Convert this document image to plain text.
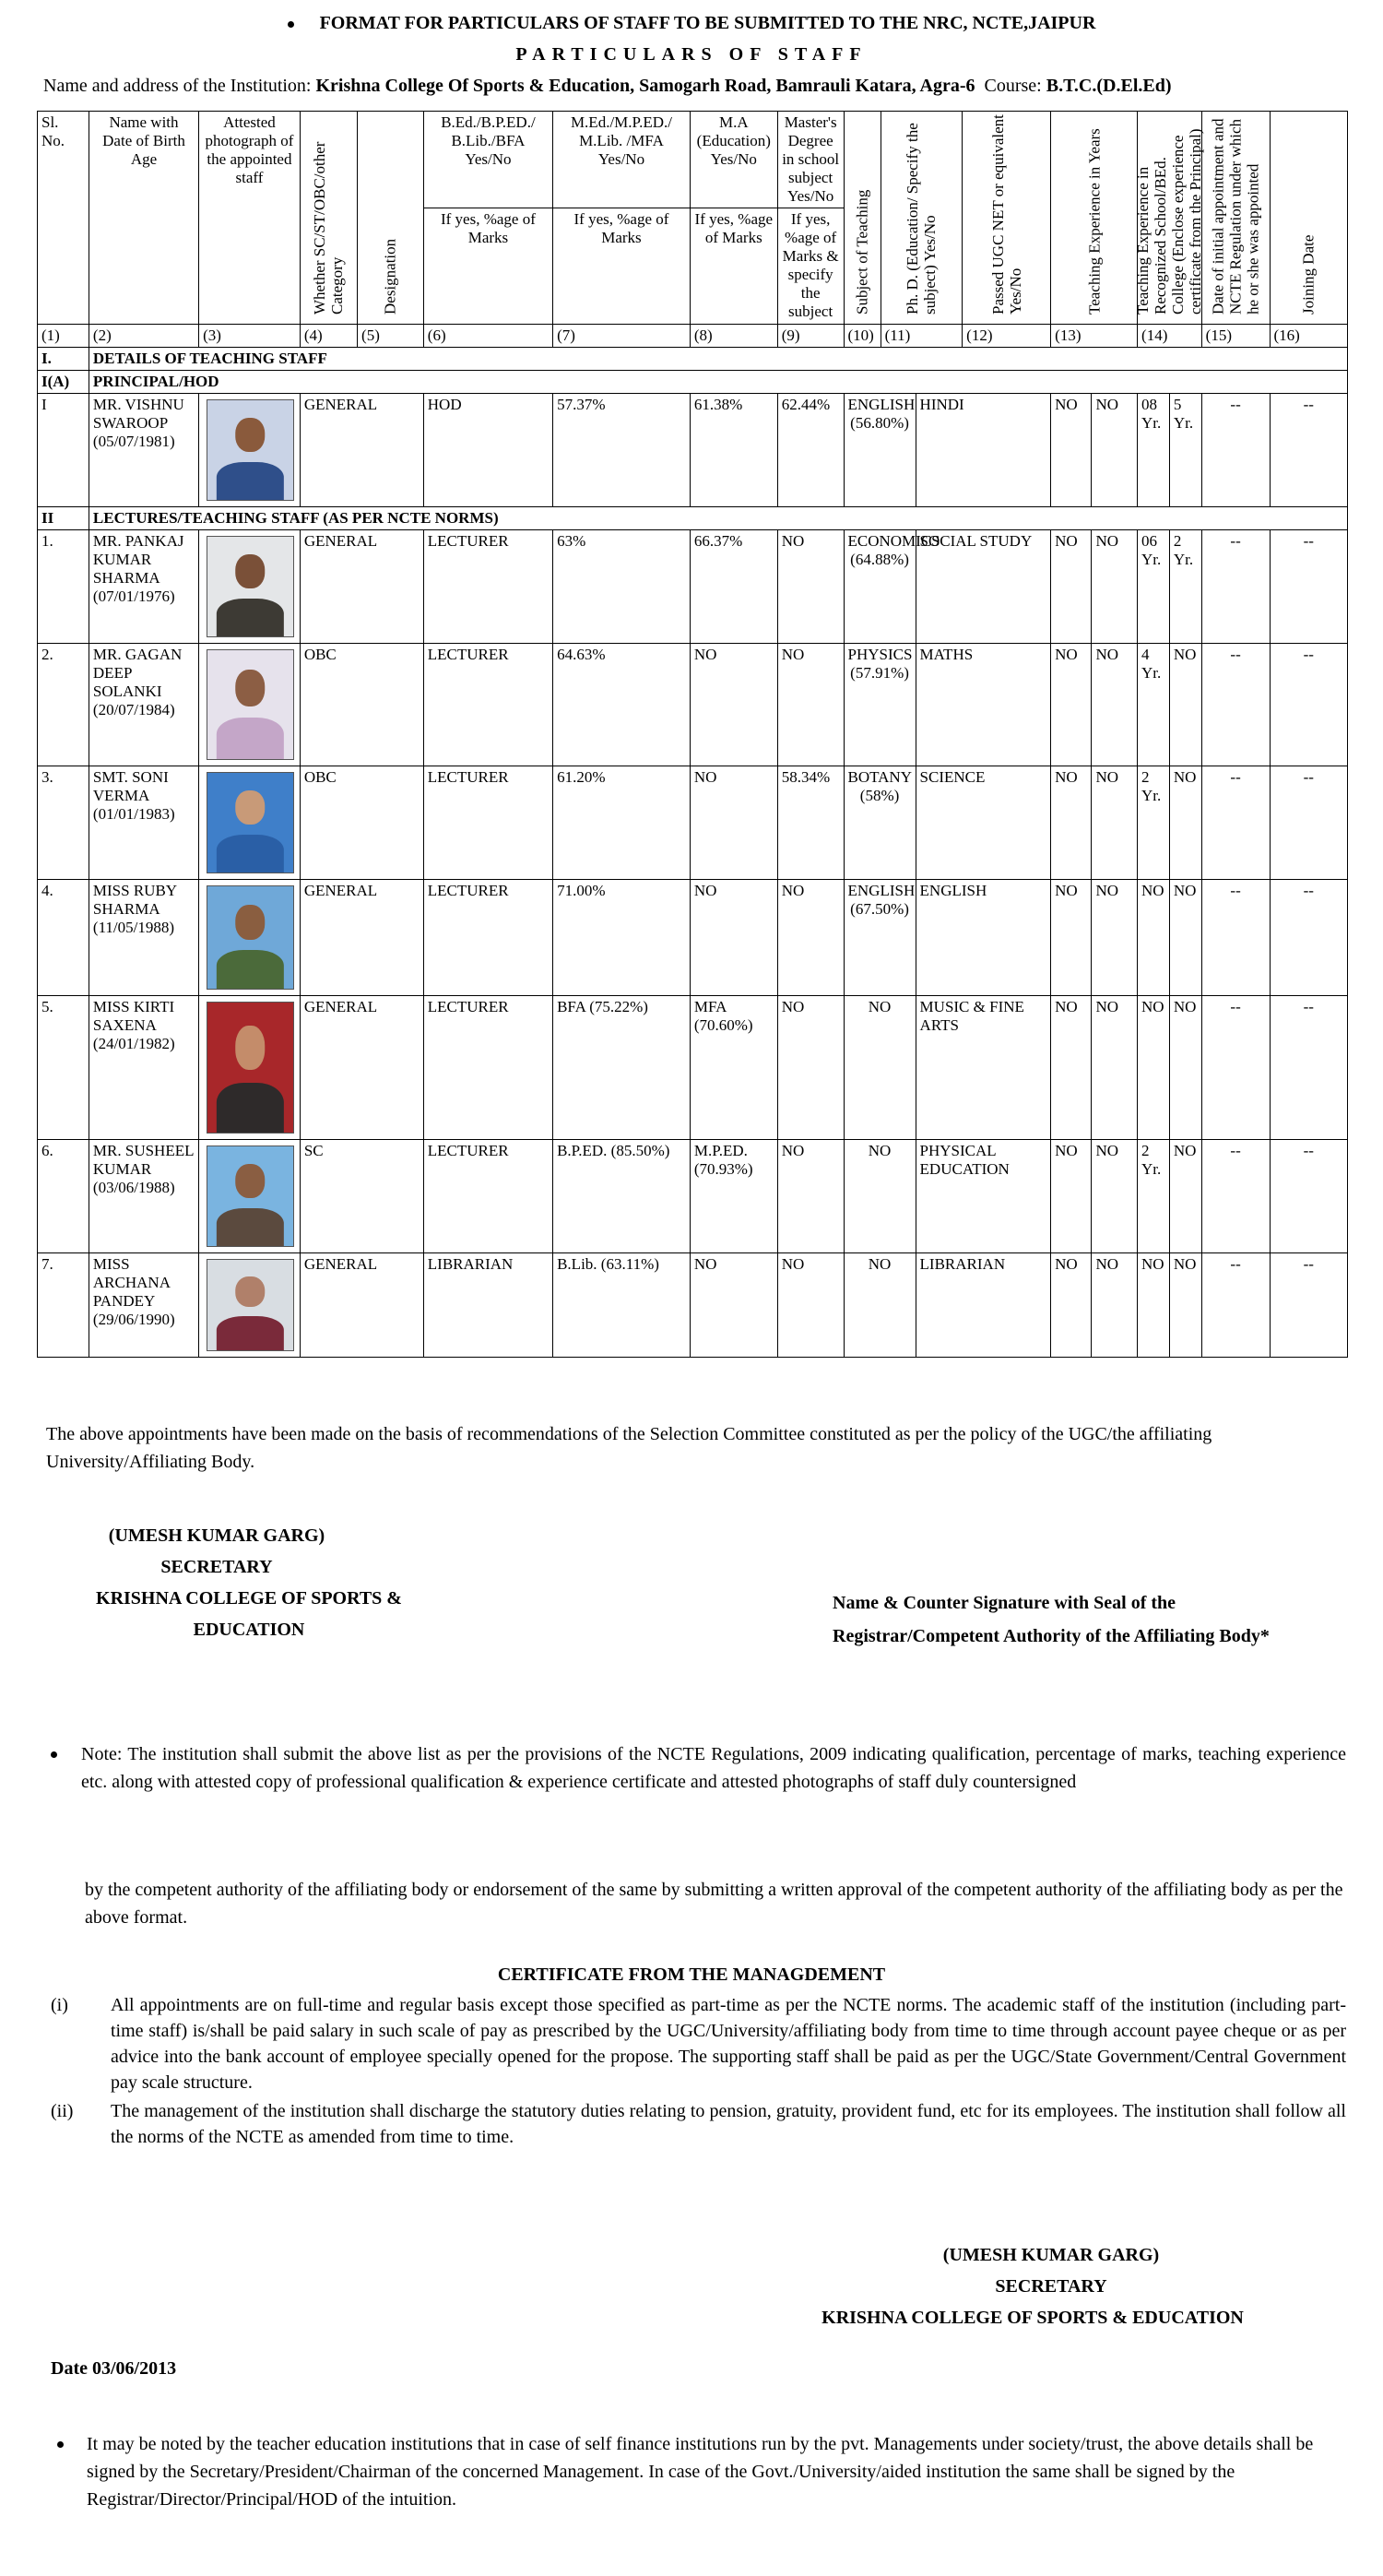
FORMAT FOR PARTICULARS OF STAFF TO BE SUBMITTED TO THE NRC, NCTE,JAIPUR
PARTICULARS OF STAFF
Name and address of the Institution: Krishna College Of Sports & Education, Samogarh Road, Bamrauli Katara, Agra-6 Course: B.T.C.(D.El.Ed)
Sl. No.	Name with Date of Birth Age	Attested photograph of the appointed staff	Whether SC/ST/OBC/other Category	Designation	B.Ed./B.P.ED./ B.Lib./BFA Yes/No	M.Ed./M.P.ED./ M.Lib. /MFA Yes/No	M.A (Education) Yes/No	Master's Degree in school subject Yes/No	Subject of Teaching	Ph. D. (Education/ Specify the subject) Yes/No		Passed UGC NET or equivalent Yes/No	Teaching Experience in Years		Teaching Experience in Recognized School/BEd. College (Enclose experience certificate from the Principal)		Date of initial appointment and NCTE Regulation under which he or she was appointed	Joining Date

					If yes, %age of Marks	If yes, %age of Marks	If yes, %age of Marks	If yes, %age of Marks & specify the subject										
(1)	(2)	(3)	(4)	(5)	(6)	(7)	(8)	(9)	(10)	(11)		(12)	(13)		(14)		(15)	(16)
I.	DETAILS OF TEACHING STAFF																	
I(A)	PRINCIPAL/HOD																	
I	MR. VISHNU SWAROOP (05/07/1981)		GENERAL		HOD	57.37%	61.38%	62.44%	ENGLISH (56.80%)		HINDI		NO	NO	08 Yr.	5 Yr.	--	--
II	LECTURES/TEACHING STAFF (AS PER NCTE NORMS)																	
1.	MR. PANKAJ KUMAR SHARMA (07/01/1976)		GENERAL		LECTURER	63%	66.37%	NO	ECONOMICS (64.88%)		SOCIAL STUDY		NO	NO	06 Yr.	2 Yr.	--	--
2.	MR. GAGAN DEEP SOLANKI (20/07/1984)		OBC		LECTURER	64.63%	NO	NO	PHYSICS (57.91%)		MATHS		NO	NO	4 Yr.	NO	--	--
3.	SMT. SONI VERMA (01/01/1983)		OBC		LECTURER	61.20%	NO	58.34%	BOTANY (58%)		SCIENCE		NO	NO	2 Yr.	NO	--	--
4.	MISS RUBY SHARMA (11/05/1988)		GENERAL		LECTURER	71.00%	NO	NO	ENGLISH (67.50%)		ENGLISH		NO	NO	NO	NO	--	--
5.	MISS KIRTI SAXENA (24/01/1982)		GENERAL		LECTURER	BFA (75.22%)	MFA (70.60%)	NO	NO		MUSIC & FINE ARTS		NO	NO	NO	NO	--	--
6.	MR. SUSHEEL KUMAR (03/06/1988)		SC		LECTURER	B.P.ED. (85.50%)	M.P.ED. (70.93%)	NO	NO		PHYSICAL EDUCATION		NO	NO	2 Yr.	NO	--	--
7.	MISS ARCHANA PANDEY (29/06/1990)		GENERAL		LIBRARIAN	B.Lib. (63.11%)	NO	NO	NO		LIBRARIAN		NO	NO	NO	NO	--	--
The above appointments have been made on the basis of recommendations of the Selection Committee constituted as per the policy of the UGC/the affiliating University/Affiliating Body.
(UMESH KUMAR GARG)
SECRETARY
KRISHNA COLLEGE OF SPORTS & EDUCATION
Name & Counter Signature with Seal of the
Registrar/Competent Authority of the Affiliating Body*
Note: The institution shall submit the above list as per the provisions of the NCTE Regulations, 2009 indicating qualification, percentage of marks, teaching experience etc. along with attested copy of professional qualification & experience certificate and attested photographs of staff duly countersigned
by the competent authority of the affiliating body or endorsement of the same by submitting a written approval of the competent authority of the affiliating body as per the above format.
CERTIFICATE FROM THE MANAGDEMENT
(i) All appointments are on full-time and regular basis except those specified as part-time as per the NCTE norms. The academic staff of the institution (including part-time staff) is/shall be paid salary in such scale of pay as prescribed by the UGC/University/affiliating body from time to time through account payee cheque or as per advice into the bank account of employee specially opened for the propose. The supporting staff shall be paid as per the UGC/State Government/Central Government pay scale structure.
(ii) The management of the institution shall discharge the statutory duties relating to pension, gratuity, provident fund, etc for its employees. The institution shall follow all the norms of the NCTE as amended from time to time.
(UMESH KUMAR GARG)
SECRETARY
KRISHNA COLLEGE OF SPORTS & EDUCATION
Date 03/06/2013
It may be noted by the teacher education institutions that in case of self finance institutions run by the pvt. Managements under society/trust, the above details shall be signed by the Secretary/President/Chairman of the concerned Management. In case of the Govt./University/aided institution the same shall be signed by the Registrar/Director/Principal/HOD of the intuition.
